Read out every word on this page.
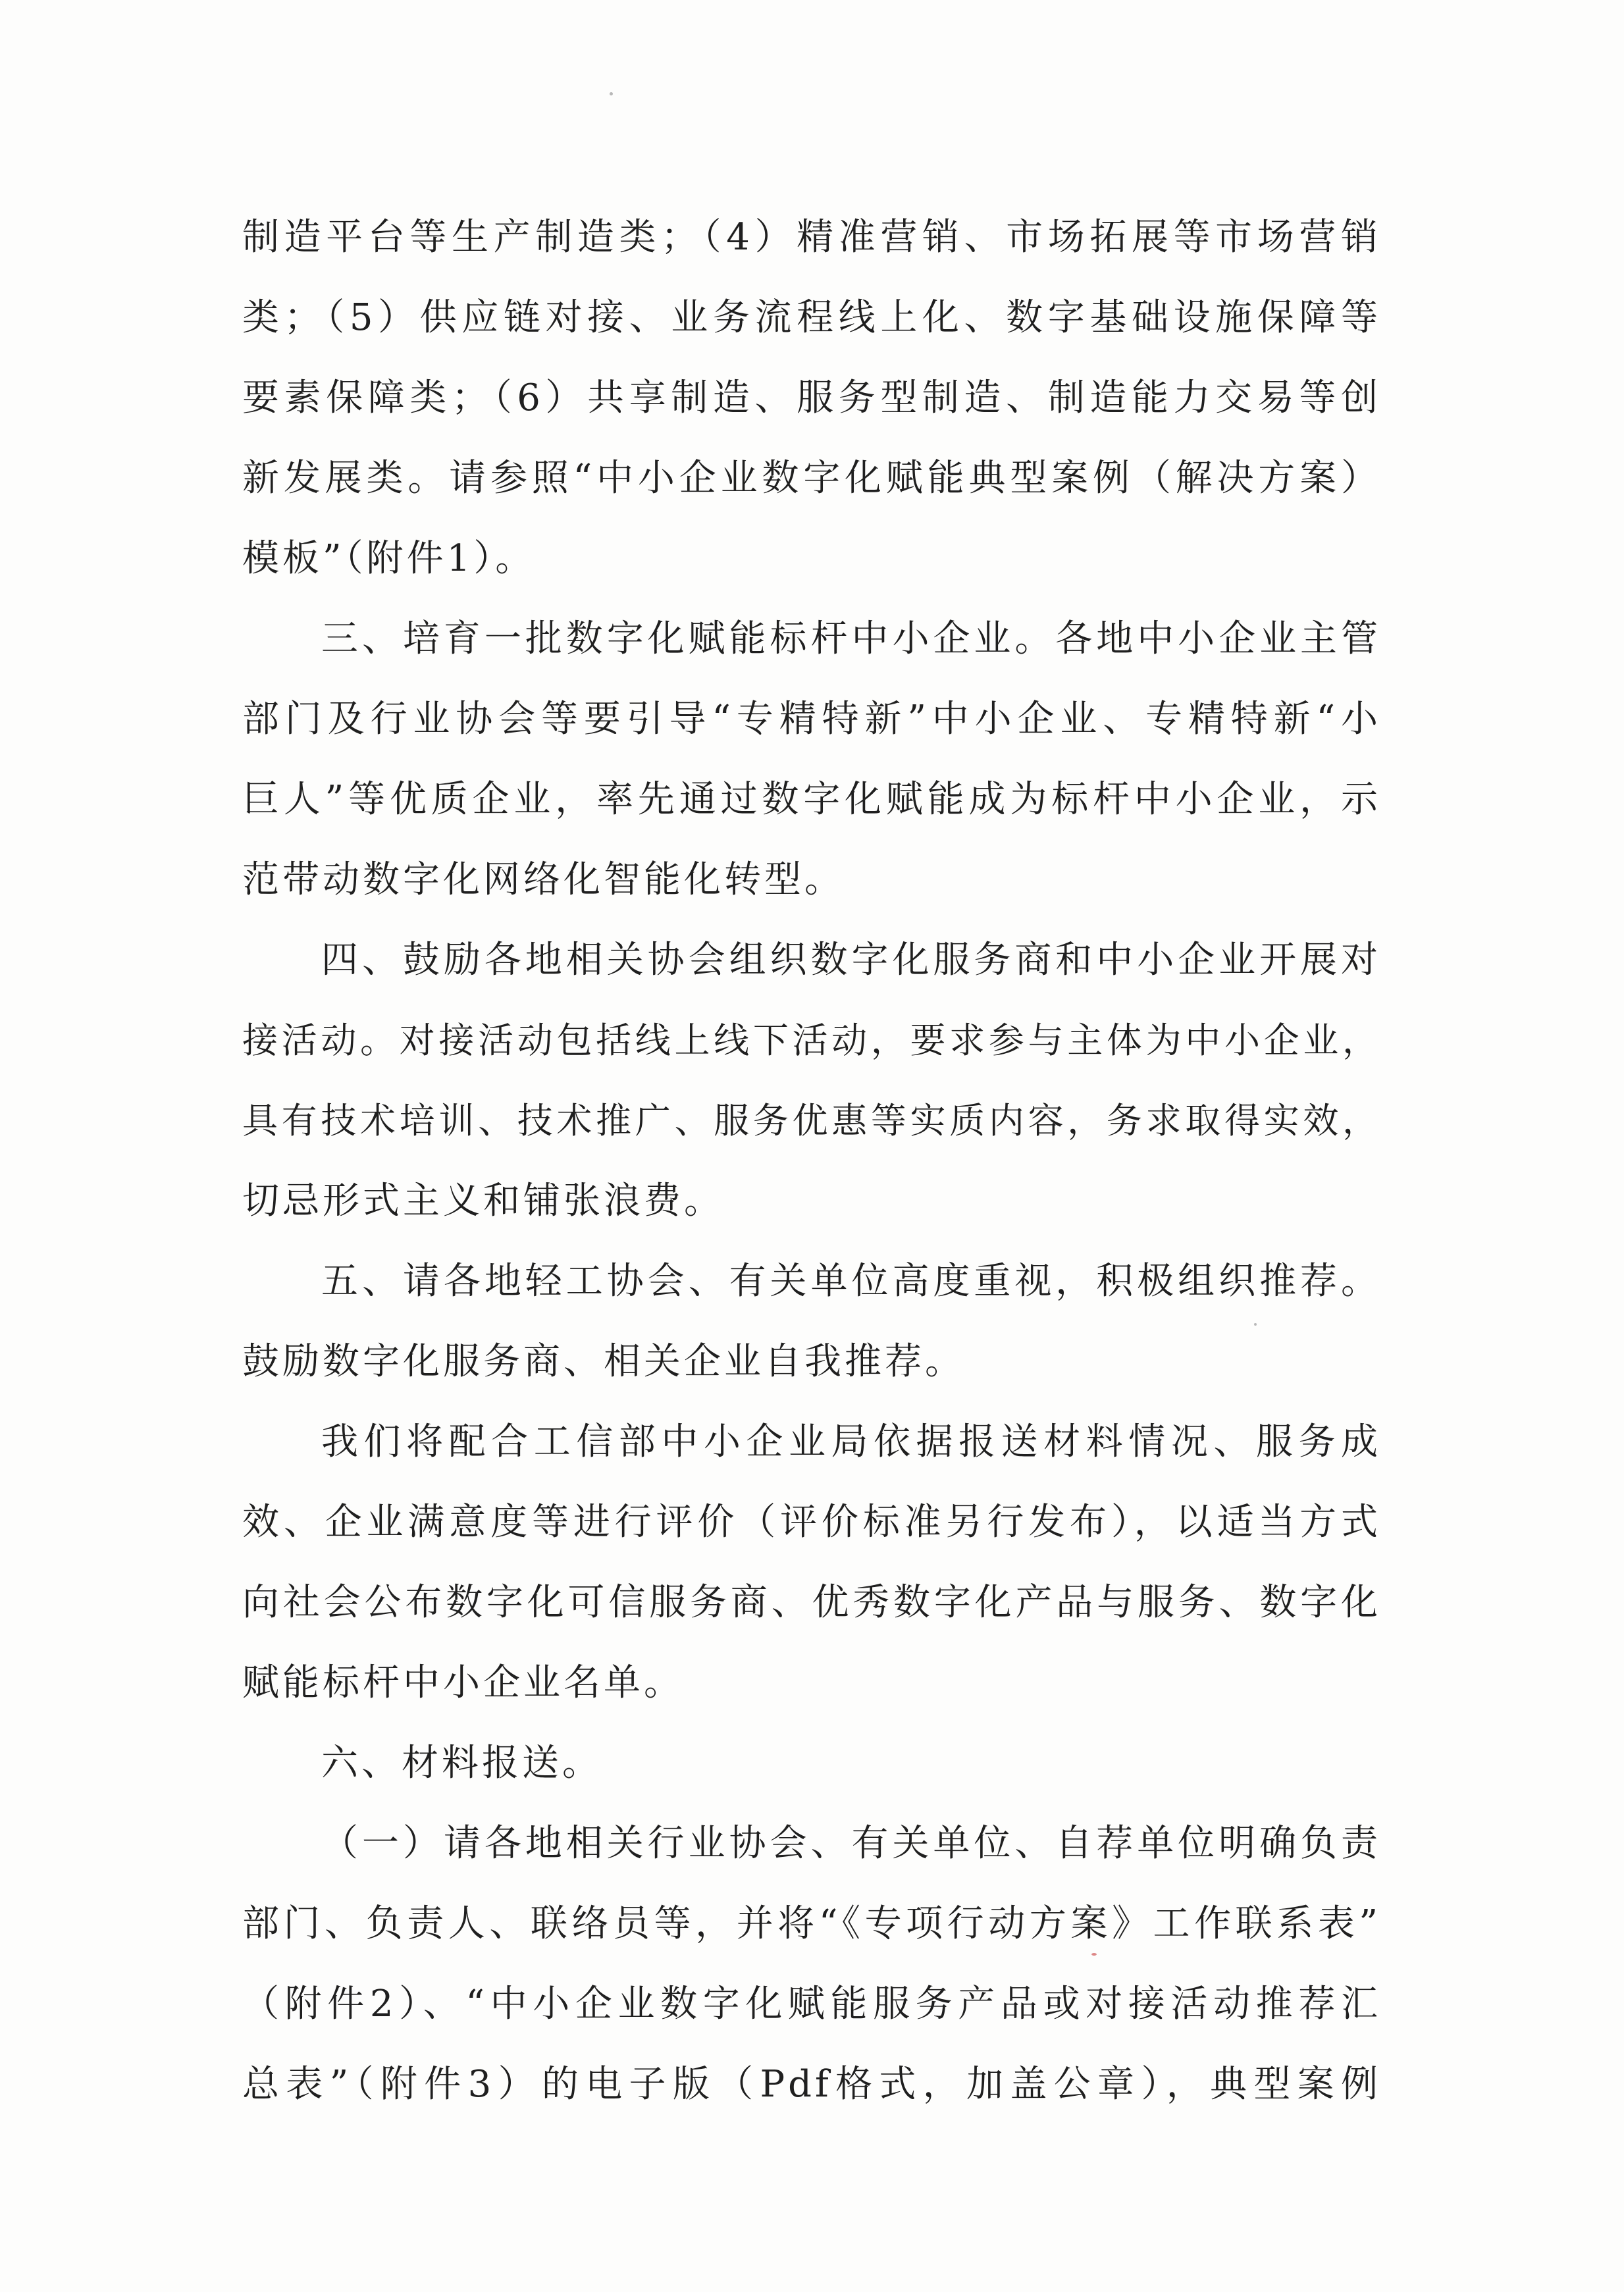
制造平台等生产制造类；（4）精准营销、市场拓展等市场营销
类；（5）供应链对接、业务流程线上化、数字基础设施保障等
要素保障类；（6）共享制造、服务型制造、制造能力交易等创
新发展类。请参照“中小企业数字化赋能典型案例（解决方案）
模板”（附件1）。
三、培育一批数字化赋能标杆中小企业。各地中小企业主管
部门及行业协会等要引导“专精特新”中小企业、专精特新“小
巨人”等优质企业，率先通过数字化赋能成为标杆中小企业，示
范带动数字化网络化智能化转型。
四、鼓励各地相关协会组织数字化服务商和中小企业开展对
接活动。对接活动包括线上线下活动，要求参与主体为中小企业，
具有技术培训、技术推广、服务优惠等实质内容，务求取得实效，
切忌形式主义和铺张浪费。
五、请各地轻工协会、有关单位高度重视，积极组织推荐。
鼓励数字化服务商、相关企业自我推荐。
我们将配合工信部中小企业局依据报送材料情况、服务成
效、企业满意度等进行评价（评价标准另行发布），以适当方式
向社会公布数字化可信服务商、优秀数字化产品与服务、数字化
赋能标杆中小企业名单。
六、材料报送。
（一）请各地相关行业协会、有关单位、自荐单位明确负责
部门、负责人、联络员等，并将“《专项行动方案》工作联系表”
（附件2）、“中小企业数字化赋能服务产品或对接活动推荐汇
总表”（附件3）的电子版（Pdf格式，加盖公章），典型案例
